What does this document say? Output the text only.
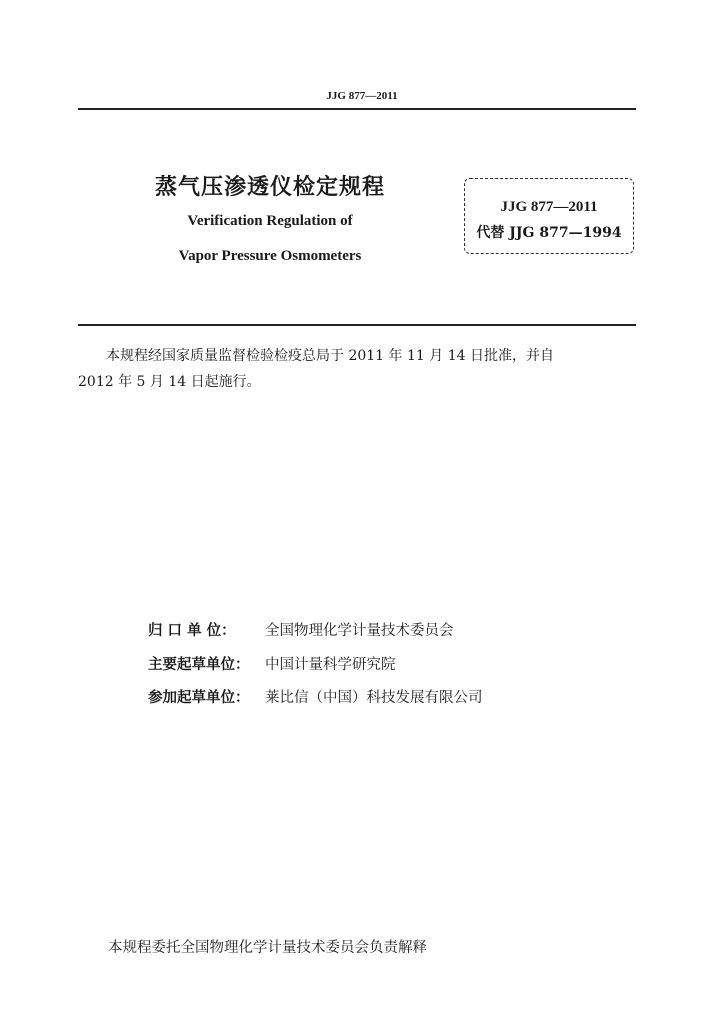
JJG 877—2011
蒸气压渗透仪检定规程
Verification Regulation of
Vapor Pressure Osmometers
JJG 877—2011
代替 JJG 877—1994
本规程经国家质量监督检验检疫总局于 2011 年 11 月 14 日批准，并自
2012 年 5 月 14 日起施行。
归 口 单 位： 全国物理化学计量技术委员会
主要起草单位： 中国计量科学研究院
参加起草单位： 莱比信（中国）科技发展有限公司
本规程委托全国物理化学计量技术委员会负责解释
